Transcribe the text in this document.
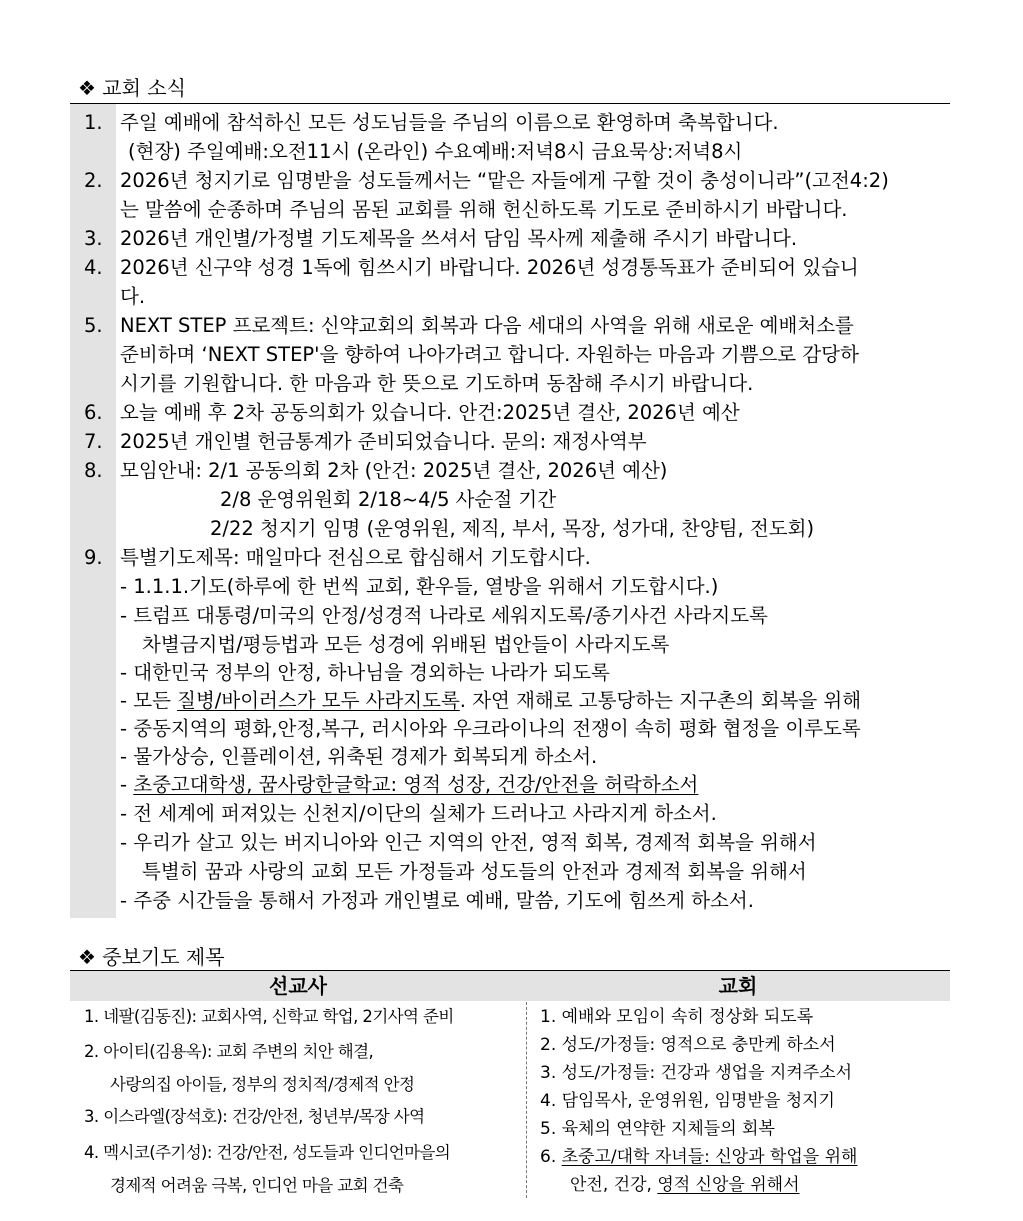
❖ 교회 소식
1. 주일 예배에 참석하신 모든 성도님들을 주님의 이름으로 환영하며 축복합니다.
(현장) 주일예배:오전11시 (온라인) 수요예배:저녁8시 금요묵상:저녁8시
2. 2026년 청지기로 임명받을 성도들께서는 “맡은 자들에게 구할 것이 충성이니라”(고전4:2)
는 말씀에 순종하며 주님의 몸된 교회를 위해 헌신하도록 기도로 준비하시기 바랍니다.
3. 2026년 개인별/가정별 기도제목을 쓰셔서 담임 목사께 제출해 주시기 바랍니다.
4. 2026년 신구약 성경 1독에 힘쓰시기 바랍니다. 2026년 성경통독표가 준비되어 있습니
다.
5. NEXT STEP 프로젝트: 신약교회의 회복과 다음 세대의 사역을 위해 새로운 예배처소를
준비하며 ‘NEXT STEP'을 향하여 나아가려고 합니다. 자원하는 마음과 기쁨으로 감당하
시기를 기원합니다. 한 마음과 한 뜻으로 기도하며 동참해 주시기 바랍니다.
6. 오늘 예배 후 2차 공동의회가 있습니다. 안건:2025년 결산, 2026년 예산
7. 2025년 개인별 헌금통계가 준비되었습니다. 문의: 재정사역부
8. 모임안내: 2/1 공동의회 2차 (안건: 2025년 결산, 2026년 예산)
2/8 운영위원회 2/18~4/5 사순절 기간
2/22 청지기 임명 (운영위원, 제직, 부서, 목장, 성가대, 찬양팀, 전도회)
9. 특별기도제목: 매일마다 전심으로 합심해서 기도합시다.
- 1.1.1.기도(하루에 한 번씩 교회, 환우들, 열방을 위해서 기도합시다.)
- 트럼프 대통령/미국의 안정/성경적 나라로 세워지도록/종기사건 사라지도록
차별금지법/평등법과 모든 성경에 위배된 법안들이 사라지도록
- 대한민국 정부의 안정, 하나님을 경외하는 나라가 되도록
- 모든 질병/바이러스가 모두 사라지도록. 자연 재해로 고통당하는 지구촌의 회복을 위해
- 중동지역의 평화,안정,복구, 러시아와 우크라이나의 전쟁이 속히 평화 협정을 이루도록
- 물가상승, 인플레이션, 위축된 경제가 회복되게 하소서.
- 초중고대학생, 꿈사랑한글학교: 영적 성장, 건강/안전을 허락하소서
- 전 세계에 퍼져있는 신천지/이단의 실체가 드러나고 사라지게 하소서.
- 우리가 살고 있는 버지니아와 인근 지역의 안전, 영적 회복, 경제적 회복을 위해서
특별히 꿈과 사랑의 교회 모든 가정들과 성도들의 안전과 경제적 회복을 위해서
- 주중 시간들을 통해서 가정과 개인별로 예배, 말씀, 기도에 힘쓰게 하소서.
❖ 중보기도 제목
선교사	교회
1. 네팔(김동진): 교회사역, 신학교 학업, 2기사역 준비
2. 아이티(김용옥): 교회 주변의 치안 해결,
사랑의집 아이들, 정부의 정치적/경제적 안정
3. 이스라엘(장석호): 건강/안전, 청년부/목장 사역
4. 멕시코(주기성): 건강/안전, 성도들과 인디언마을의
경제적 어려움 극복, 인디언 마을 교회 건축
1. 예배와 모임이 속히 정상화 되도록
2. 성도/가정들: 영적으로 충만케 하소서
3. 성도/가정들: 건강과 생업을 지켜주소서
4. 담임목사, 운영위원, 임명받을 청지기
5. 육체의 연약한 지체들의 회복
6. 초중고/대학 자녀들: 신앙과 학업을 위해
안전, 건강, 영적 신앙을 위해서
